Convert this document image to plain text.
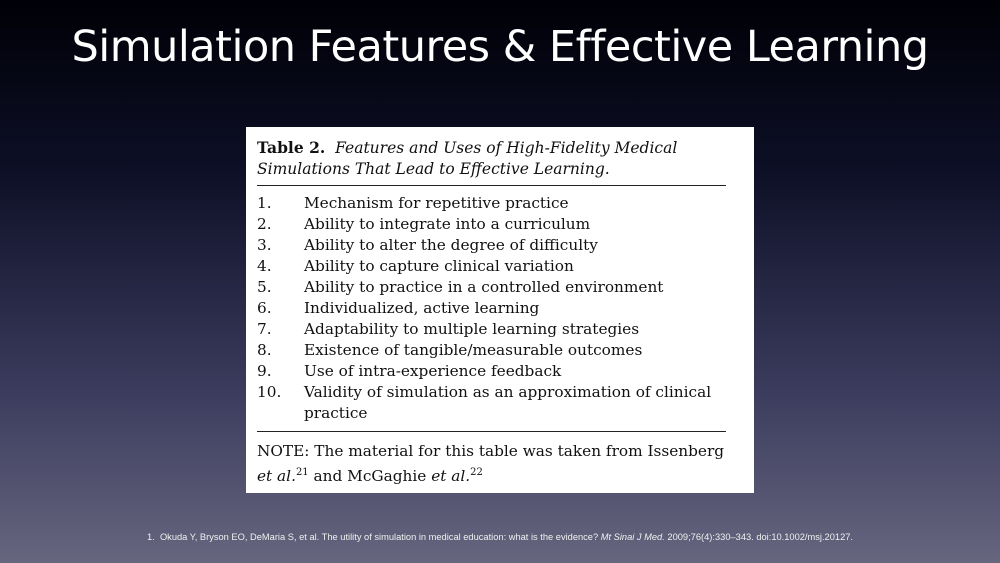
Simulation Features & Effective Learning

Table 2. Features and Uses of High-Fidelity Medical Simulations That Lead to Effective Learning.

1.	Mechanism for repetitive practice
2.	Ability to integrate into a curriculum
3.	Ability to alter the degree of difficulty
4.	Ability to capture clinical variation
5.	Ability to practice in a controlled environment
6.	Individualized, active learning
7.	Adaptability to multiple learning strategies
8.	Existence of tangible/measurable outcomes
9.	Use of intra-experience feedback
10.	Validity of simulation as an approximation of clinical practice

NOTE: The material for this table was taken from Issenberg et al.$^{21}$ and McGaghie et al.$^{22}$

1. Okuda Y, Bryson EO, DeMaria S, et al. The utility of simulation in medical education: what is the evidence? Mt Sinai J Med. 2009;76(4):330–343. doi:10.1002/msj.20127.
